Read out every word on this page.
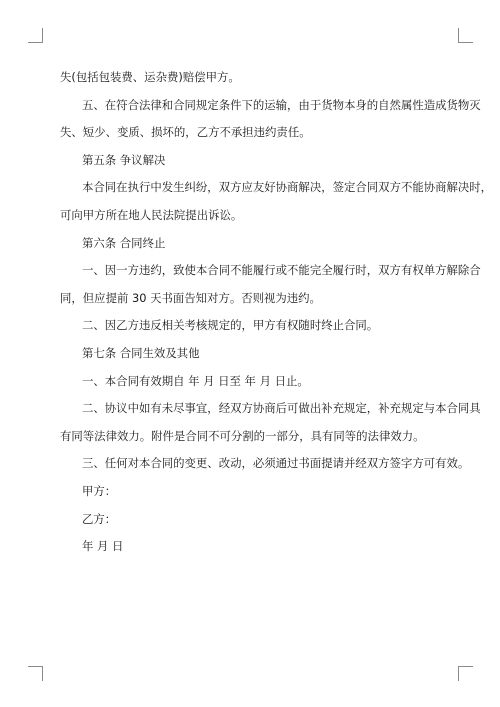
失(包括包装费、运杂费)赔偿甲方。

五、在符合法律和合同规定条件下的运输，由于货物本身的自然属性造成货物灭

失、短少、变质、损坏的，乙方不承担违约责任。

第五条 争议解决

本合同在执行中发生纠纷，双方应友好协商解决，签定合同双方不能协商解决时，

可向甲方所在地人民法院提出诉讼。

第六条 合同终止

一、因一方违约，致使本合同不能履行或不能完全履行时，双方有权单方解除合

同，但应提前 30 天书面告知对方。否则视为违约。

二、因乙方违反相关考核规定的，甲方有权随时终止合同。

第七条 合同生效及其他

一、本合同有效期自 年 月 日至 年 月 日止。

二、协议中如有未尽事宜，经双方协商后可做出补充规定，补充规定与本合同具

有同等法律效力。附件是合同不可分割的一部分，具有同等的法律效力。

三、任何对本合同的变更、改动，必须通过书面提请并经双方签字方可有效。

甲方：

乙方：

年 月 日
